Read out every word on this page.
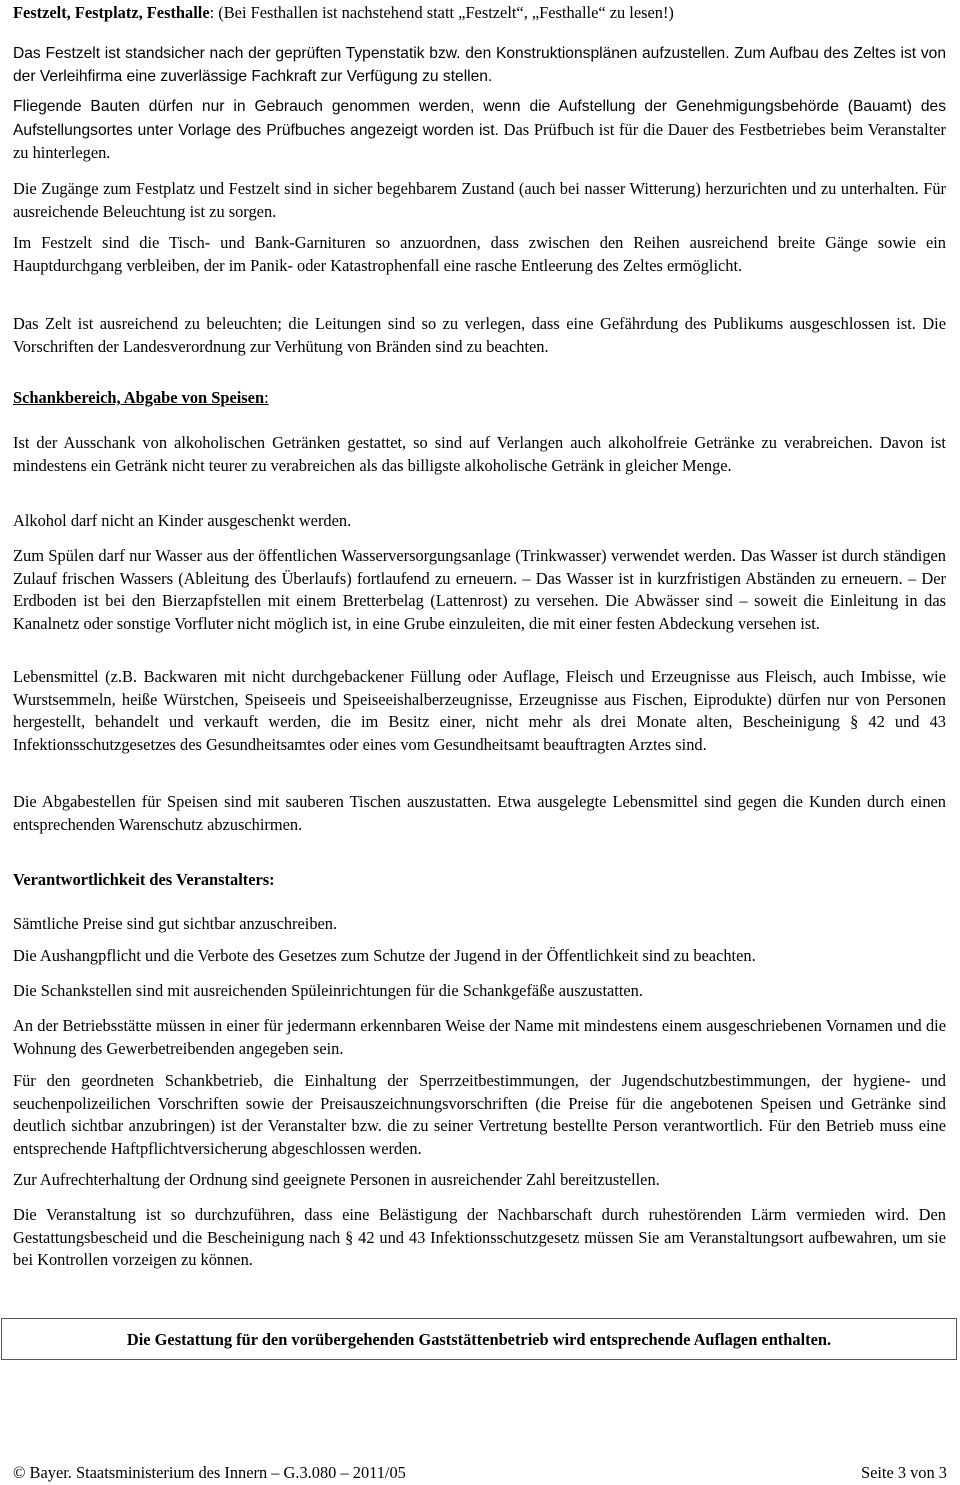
Festzelt, Festplatz, Festhalle: (Bei Festhallen ist nachstehend statt „Festzelt“, „Festhalle“ zu lesen!)

Das Festzelt ist standsicher nach der geprüften Typenstatik bzw. den Konstruktionsplänen aufzustellen. Zum Aufbau des Zeltes ist von der Verleihfirma eine zuverlässige Fachkraft zur Verfügung zu stellen.

Fliegende Bauten dürfen nur in Gebrauch genommen werden, wenn die Aufstellung der Genehmigungsbehörde (Bauamt) des Aufstellungsortes unter Vorlage des Prüfbuches angezeigt worden ist. Das Prüfbuch ist für die Dauer des Festbetriebes beim Veranstalter zu hinterlegen.

Die Zugänge zum Festplatz und Festzelt sind in sicher begehbarem Zustand (auch bei nasser Witterung) herzurichten und zu unterhalten. Für ausreichende Beleuchtung ist zu sorgen.

Im Festzelt sind die Tisch- und Bank-Garnituren so anzuordnen, dass zwischen den Reihen ausreichend breite Gänge sowie ein Hauptdurchgang verbleiben, der im Panik- oder Katastrophenfall eine rasche Entleerung des Zeltes ermöglicht.

Das Zelt ist ausreichend zu beleuchten; die Leitungen sind so zu verlegen, dass eine Gefährdung des Publikums ausgeschlossen ist. Die Vorschriften der Landesverordnung zur Verhütung von Bränden sind zu beachten.

Schankbereich, Abgabe von Speisen:

Ist der Ausschank von alkoholischen Getränken gestattet, so sind auf Verlangen auch alkoholfreie Getränke zu verabreichen. Davon ist mindestens ein Getränk nicht teurer zu verabreichen als das billigste alkoholische Getränk in gleicher Menge.

Alkohol darf nicht an Kinder ausgeschenkt werden.

Zum Spülen darf nur Wasser aus der öffentlichen Wasserversorgungsanlage (Trinkwasser) verwendet werden. Das Wasser ist durch ständigen Zulauf frischen Wassers (Ableitung des Überlaufs) fortlaufend zu erneuern. – Das Wasser ist in kurzfristigen Abständen zu erneuern. – Der Erdboden ist bei den Bierzapfstellen mit einem Bretterbelag (Lattenrost) zu versehen. Die Abwässer sind – soweit die Einleitung in das Kanalnetz oder sonstige Vorfluter nicht möglich ist, in eine Grube einzuleiten, die mit einer festen Abdeckung versehen ist.

Lebensmittel (z.B. Backwaren mit nicht durchgebackener Füllung oder Auflage, Fleisch und Erzeugnisse aus Fleisch, auch Imbisse, wie Wurstsemmeln, heiße Würstchen, Speiseeis und Speiseeishalberzeugnisse, Erzeugnisse aus Fischen, Eiprodukte) dürfen nur von Personen hergestellt, behandelt und verkauft werden, die im Besitz einer, nicht mehr als drei Monate alten, Bescheinigung § 42 und 43 Infektionsschutzgesetzes des Gesundheitsamtes oder eines vom Gesundheitsamt beauftragten Arztes sind.

Die Abgabestellen für Speisen sind mit sauberen Tischen auszustatten. Etwa ausgelegte Lebensmittel sind gegen die Kunden durch einen entsprechenden Warenschutz abzuschirmen.

Verantwortlichkeit des Veranstalters:

Sämtliche Preise sind gut sichtbar anzuschreiben.

Die Aushangpflicht und die Verbote des Gesetzes zum Schutze der Jugend in der Öffentlichkeit sind zu beachten.

Die Schankstellen sind mit ausreichenden Spüleinrichtungen für die Schankgefäße auszustatten.

An der Betriebsstätte müssen in einer für jedermann erkennbaren Weise der Name mit mindestens einem ausgeschriebenen Vornamen und die Wohnung des Gewerbetreibenden angegeben sein.

Für den geordneten Schankbetrieb, die Einhaltung der Sperrzeitbestimmungen, der Jugendschutzbestimmungen, der hygiene- und seuchenpolizeilichen Vorschriften sowie der Preisauszeichnungsvorschriften (die Preise für die angebotenen Speisen und Getränke sind deutlich sichtbar anzubringen) ist der Veranstalter bzw. die zu seiner Vertretung bestellte Person verantwortlich. Für den Betrieb muss eine entsprechende Haftpflichtversicherung abgeschlossen werden.

Zur Aufrechterhaltung der Ordnung sind geeignete Personen in ausreichender Zahl bereitzustellen.

Die Veranstaltung ist so durchzuführen, dass eine Belästigung der Nachbarschaft durch ruhestörenden Lärm vermieden wird. Den Gestattungsbescheid und die Bescheinigung nach § 42 und 43 Infektionsschutzgesetz müssen Sie am Veranstaltungsort aufbewahren, um sie bei Kontrollen vorzeigen zu können.

Die Gestattung für den vorübergehenden Gaststättenbetrieb wird entsprechende Auflagen enthalten.
© Bayer. Staatsministerium des Innern – G.3.080 – 2011/05	Seite 3 von 3
